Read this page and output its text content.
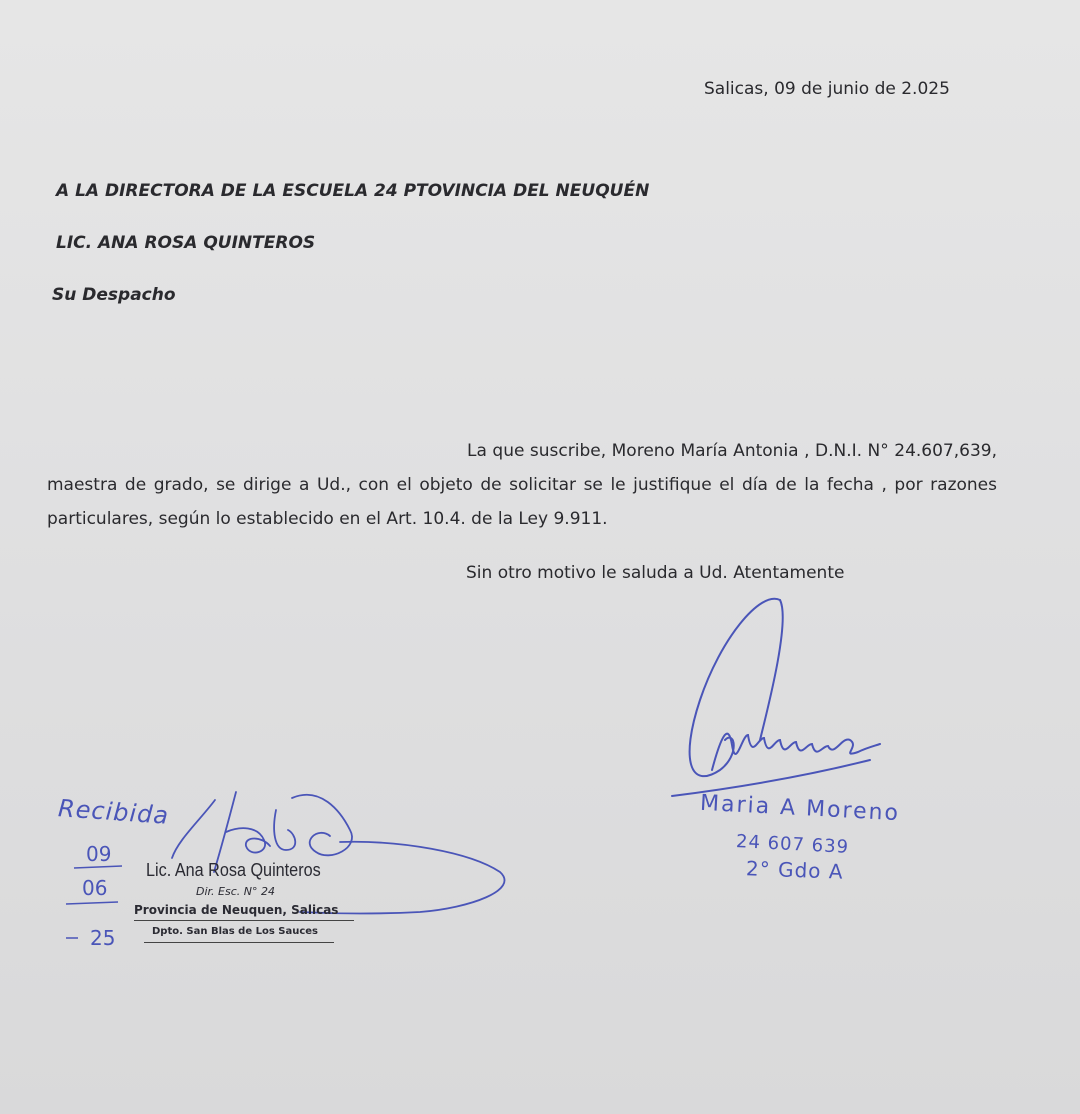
Salicas, 09 de junio de 2.025
A LA DIRECTORA DE LA ESCUELA 24 PTOVINCIA DEL NEUQUÉN
LIC. ANA ROSA QUINTEROS
Su Despacho
La que suscribe, Moreno María Antonia , D.N.I. N° 24.607,639, maestra de grado, se dirige a Ud., con el objeto de solicitar se le justifique el día de la fecha , por razones particulares, según lo establecido en el Art. 10.4. de la Ley 9.911.
Sin otro motivo le saluda a Ud. Atentamente
Maria A Moreno
24 607 639
2° Gdo A
Recibida
09
06
25
Lic. Ana Rosa Quinteros
Dir. Esc. N° 24
Provincia de Neuquen, Salicas
Dpto. San Blas de Los Sauces
